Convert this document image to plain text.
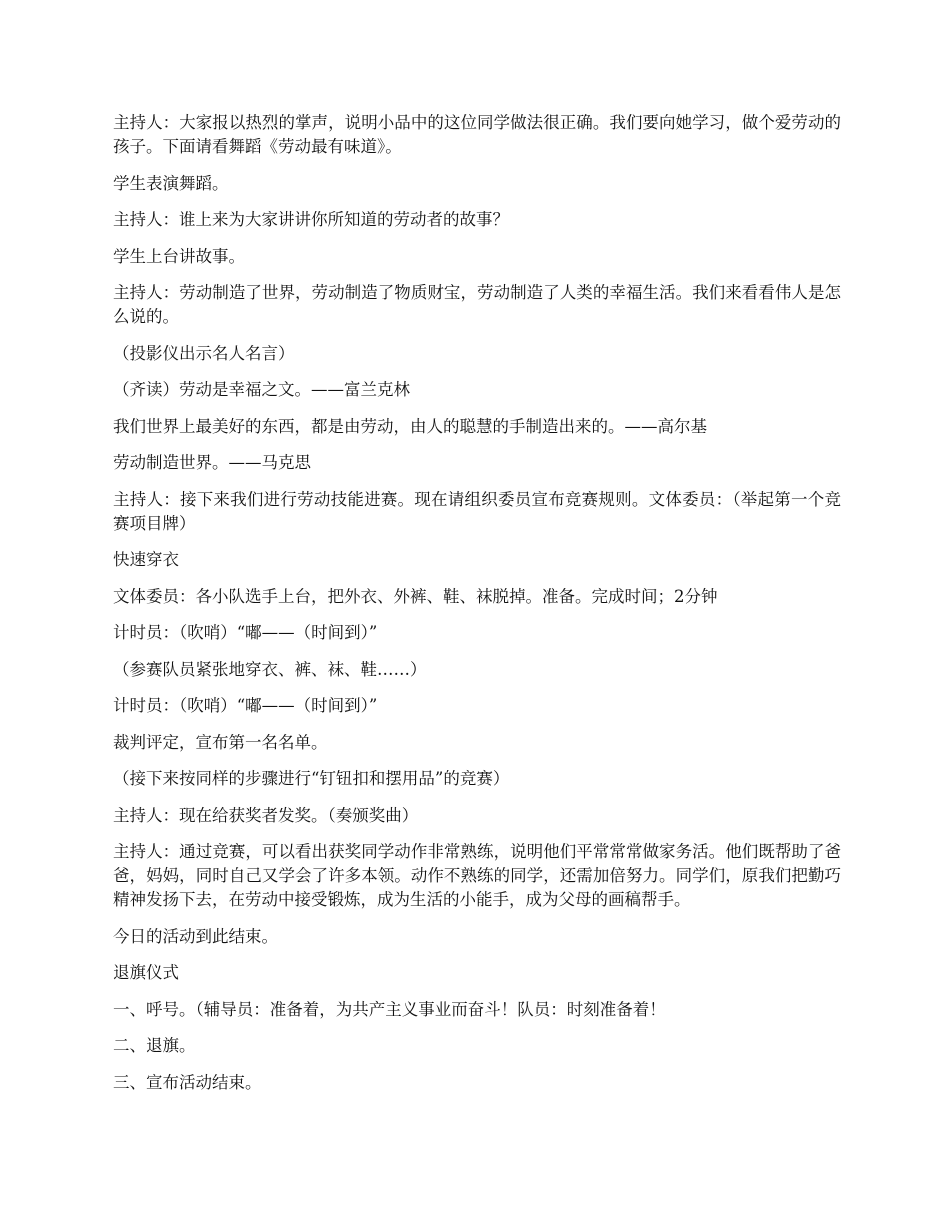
主持人：大家报以热烈的掌声，说明小品中的这位同学做法很正确。我们要向她学习，做个爱劳动的孩子。下面请看舞蹈《劳动最有味道》。

学生表演舞蹈。

主持人：谁上来为大家讲讲你所知道的劳动者的故事？

学生上台讲故事。

主持人：劳动制造了世界，劳动制造了物质财宝，劳动制造了人类的幸福生活。我们来看看伟人是怎么说的。

（投影仪出示名人名言）

（齐读）劳动是幸福之文。——富兰克林

我们世界上最美好的东西，都是由劳动，由人的聪慧的手制造出来的。——高尔基

劳动制造世界。——马克思

主持人：接下来我们进行劳动技能进赛。现在请组织委员宣布竞赛规则。文体委员：（举起第一个竞赛项目牌）

快速穿衣

文体委员：各小队选手上台，把外衣、外裤、鞋、袜脱掉。准备。完成时间；2分钟

计时员：（吹哨）“嘟——（时间到）”

（参赛队员紧张地穿衣、裤、袜、鞋……）

计时员：（吹哨）“嘟——（时间到）”

裁判评定，宣布第一名名单。

（接下来按同样的步骤进行“钉钮扣和摆用品”的竞赛）

主持人：现在给获奖者发奖。（奏颁奖曲）

主持人：通过竞赛，可以看出获奖同学动作非常熟练，说明他们平常常常做家务活。他们既帮助了爸爸，妈妈，同时自己又学会了许多本领。动作不熟练的同学，还需加倍努力。同学们，原我们把勤巧精神发扬下去，在劳动中接受锻炼，成为生活的小能手，成为父母的画稿帮手。

今日的活动到此结束。

退旗仪式

一、呼号。（辅导员：准备着，为共产主义事业而奋斗！队员：时刻准备着！

二、退旗。

三、宣布活动结束。
